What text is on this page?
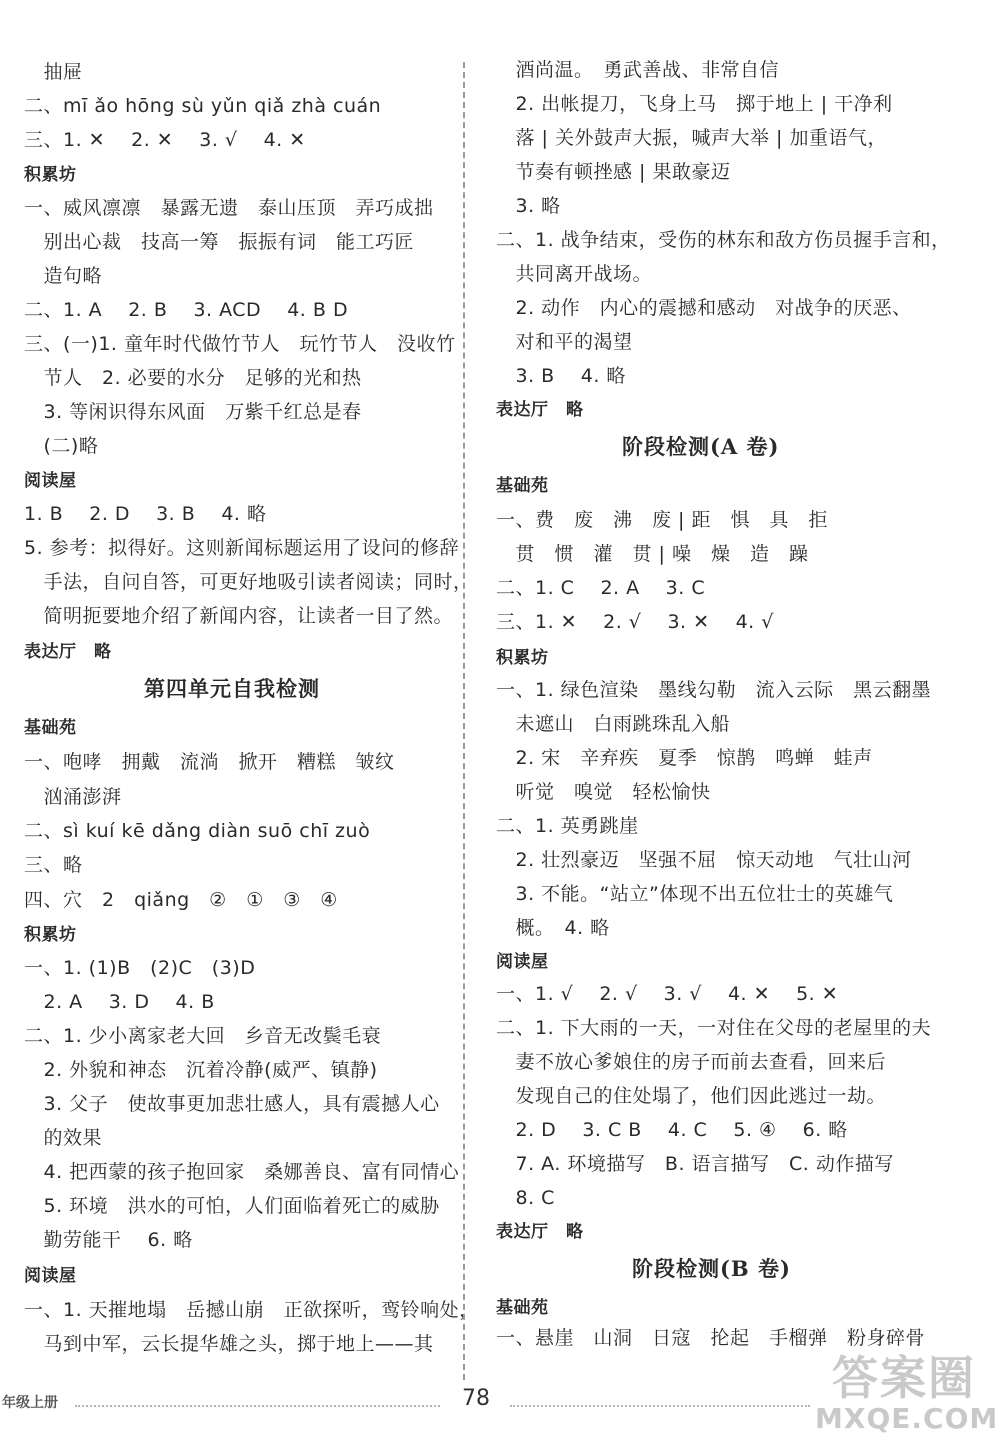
　抽屉
二、mī ǎo hōng sù yǔn qiǎ zhà cuán
三、1. ✕　 2. ✕　 3. √　 4. ✕
积累坊
一、威风凛凛　暴露无遗　泰山压顶　弄巧成拙
　别出心裁　技高一筹　振振有词　能工巧匠
　造句略
二、1. A　 2. B　 3. ACD　 4. B D
三、(一)1. 童年时代做竹节人　玩竹节人　没收竹
　节人　2. 必要的水分　足够的光和热
　3. 等闲识得东风面　万紫千红总是春
　(二)略
阅读屋
1. B　 2. D　 3. B　 4. 略
5. 参考：拟得好。这则新闻标题运用了设问的修辞
　手法，自问自答，可更好地吸引读者阅读；同时，
　简明扼要地介绍了新闻内容，让读者一目了然。
表达厅　略
第四单元自我检测
基础苑
一、咆哮　拥戴　流淌　掀开　糟糕　皱纹
　汹涌澎湃
二、sì kuí kē dǎng diàn suō chī zuò
三、略
四、穴　2　qiǎng　②　①　③　④
积累坊
一、1. (1)B　(2)C　(3)D
　2. A　 3. D　 4. B
二、1. 少小离家老大回　乡音无改鬓毛衰
　2. 外貌和神态　沉着冷静(威严、镇静)
　3. 父子　使故事更加悲壮感人，具有震撼人心
　的效果
　4. 把西蒙的孩子抱回家　桑娜善良、富有同情心
　5. 环境　洪水的可怕，人们面临着死亡的威胁
　勤劳能干　 6. 略
阅读屋
一、1. 天摧地塌　岳撼山崩　正欲探听，鸾铃响处，
　马到中军，云长提华雄之头，掷于地上——其
　酒尚温。　勇武善战、非常自信
　2. 出帐提刀，飞身上马　掷于地上 | 干净利
　落 | 关外鼓声大振，喊声大举 | 加重语气，
　节奏有顿挫感 | 果敢豪迈
　3. 略
二、1. 战争结束，受伤的林东和敌方伤员握手言和，
　共同离开战场。
　2. 动作　内心的震撼和感动　对战争的厌恶、
　对和平的渴望
　3. B　 4. 略
表达厅　略
阶段检测(A 卷)
基础苑
一、费　废　沸　废 | 距　惧　具　拒
　贯　惯　灌　贯 | 噪　燥　造　躁
二、1. C　 2. A　 3. C
三、1. ✕　 2. √　 3. ✕　 4. √
积累坊
一、1. 绿色渲染　墨线勾勒　流入云际　黑云翻墨
　未遮山　白雨跳珠乱入船
　2. 宋　辛弃疾　夏季　惊鹊　鸣蝉　蛙声
　听觉　嗅觉　轻松愉快
二、1. 英勇跳崖
　2. 壮烈豪迈　坚强不屈　惊天动地　气壮山河
　3. 不能。“站立”体现不出五位壮士的英雄气
　概。　4. 略
阅读屋
一、1. √　 2. √　 3. √　 4. ✕　 5. ✕
二、1. 下大雨的一天，一对住在父母的老屋里的夫
　妻不放心爹娘住的房子而前去查看，回来后
　发现自己的住处塌了，他们因此逃过一劫。
　2. D　 3. C B　 4. C　 5. ④　 6. 略
　7. A. 环境描写　B. 语言描写　C. 动作描写
　8. C
表达厅　略
阶段检测(B 卷)
基础苑
一、悬崖　山洞　日寇　抡起　手榴弹　粉身碎骨
年级上册	78	答案圈
MXQE.COM
